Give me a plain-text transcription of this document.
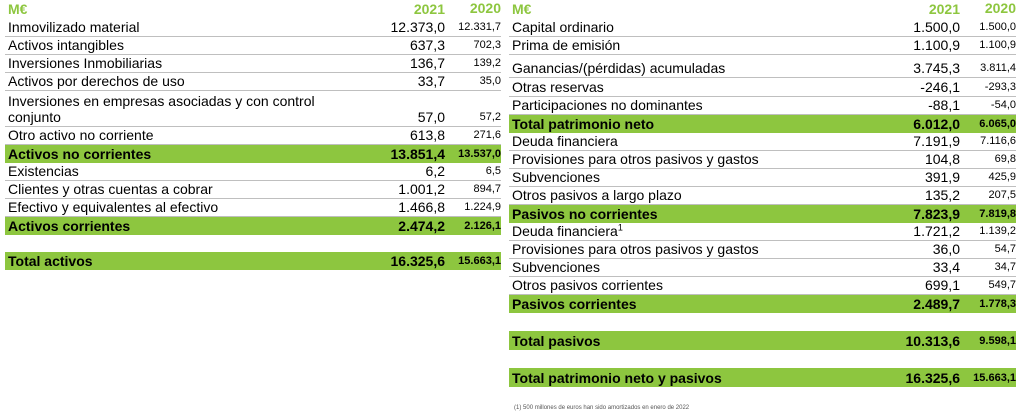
M€	2021	2020
Inmovilizado material	12.373,0	12.331,7
Activos intangibles	637,3	702,3
Inversiones Inmobiliarias	136,7	139,2
Activos por derechos de uso	33,7	35,0
Inversiones en empresas asociadas y con control conjunto	57,0	57,2
Otro activo no corriente	613,8	271,6
Activos no corrientes	13.851,4	13.537,0
Existencias	6,2	6,5
Clientes y otras cuentas a cobrar	1.001,2	894,7
Efectivo y equivalentes al efectivo	1.466,8	1.224,9
Activos corrientes	2.474,2	2.126,1
Total activos	16.325,6	15.663,1
M€	2021	2020
Capital ordinario	1.500,0	1.500,0
Prima de emisión	1.100,9	1.100,9
Ganancias/(pérdidas) acumuladas	3.745,3	3.811,4
Otras reservas	-246,1	-293,3
Participaciones no dominantes	-88,1	-54,0
Total patrimonio neto	6.012,0	6.065,0
Deuda financiera	7.191,9	7.116,6
Provisiones para otros pasivos y gastos	104,8	69,8
Subvenciones	391,9	425,9
Otros pasivos a largo plazo	135,2	207,5
Pasivos no corrientes	7.823,9	7.819,8
Deuda financiera$^1$	1.721,2	1.139,2
Provisiones para otros pasivos y gastos	36,0	54,7
Subvenciones	33,4	34,7
Otros pasivos corrientes	699,1	549,7
Pasivos corrientes	2.489,7	1.778,3
Total pasivos	10.313,6	9.598,1
Total patrimonio neto y pasivos	16.325,6	15.663,1
(1) 500 millones de euros han sido amortizados en enero de 2022
